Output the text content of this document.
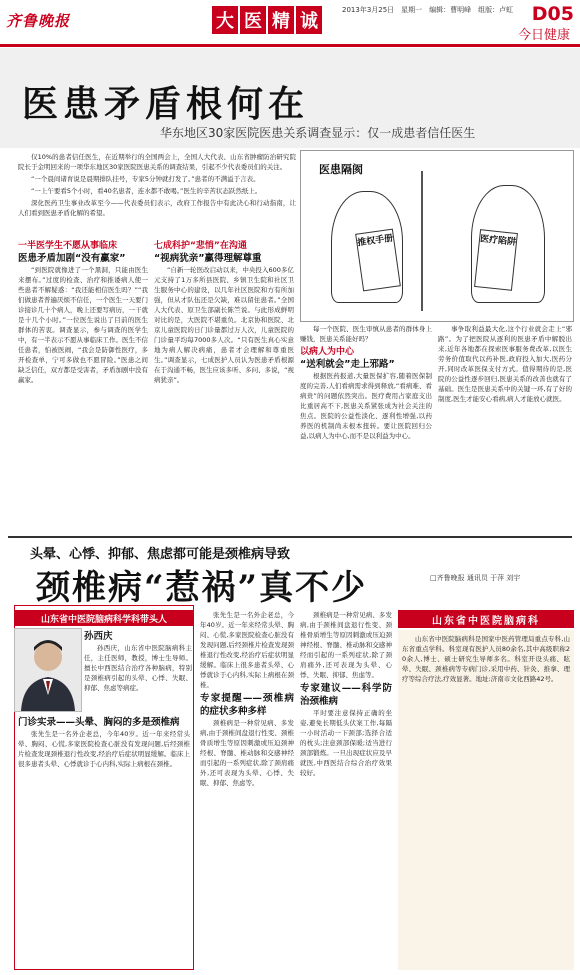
齐鲁晚报	大 医 精 诚
2013年3月25日　星期一　编辑：曹明峰　组版：卢虹 D05
今日健康
医患矛盾根何在
华东地区30家医院医患关系调查显示：仅一成患者信任医生

仅10%的患者信任医生，在近期举行的全国两会上，全国人大代表、山东省肿瘤防治研究院院长于金明回来的一项华东地区30家医院医患关系的调查结果，引起不少代表委员们的关注。

“一个晨间诸育说是晨期排队挂号，专家5分钟就打发了。”患者的不满溢于言表。

“一上午要看5个小时，看40名患者，连水都不敢喝。”医生的辛苦状态跃然纸上。

深化医药卫生事业改革至今——代表委员们表示，改府工作报告中有此决心和行动指南，让人们看到医患矛盾化解的希望。

医患隔阂
推权手册	医疗陷阱
一半医学生不愿从事临床
医患矛盾加剧“没有赢家”

“到医院就像进了一个黑洞，只能由医生来摆布。”过度的检查、治疗和推诿病人使一些患者不解疑惑：“我还能相信医生吗？”“我们做患者普遍厌烦不信任，一个医生一天要门诊接诊几十个病人，晚上还要写病历，一干就是十几个小时。”一位医生说出了目前的医生群体的苦衷。调查显示，参与调查的医学生中，有一半表示不愿从事临床工作。医生不信任患者，怕被医闹，“我会是防御性医疗，多开检查单，宁可多做也不愿冒险。”医患之间缺乏信任，双方都是受害者，矛盾加剧中没有赢家。

七成科护“悲悄”在沟通
“视病犹亲”赢得理解尊重

“自新一轮医改启动以来，中央投入600多亿元支持了1万多所县医院、乡镇卫生院和社区卫生服务中心的建设，以几年社区医院和方有所加强，但从才队伍还是欠缺，难以留住患者。”全国人大代表、原卫生部副长陈竺说。与此形成鲜明对比的是，大医院不堪重负。北京协和医院、北京儿童医院的日门诊量都过万人次，儿童医院的门诊量平均每7000多人次。“只有医生真心实意地为病人解决病痛，患者才会理解和尊重医生。”调查显示，七成医护人员认为医患矛盾根源在于沟通不畅，医生应该多听、多问、多说，“视病犹亲”。

每一个医院、医生审慎从患者的群体身上赚钱，医患关系能好吗？

以病人为中心
“送利就会”走上邪路”

根据医药报道,大量医保扩容,随着医保制度的完善,人们看病需求得到释放,“看病难、看病贵”的问题依然突出。医疗费用占家庭支出比重居高不下,医患关系紧张成为社会关注的焦点。医院的公益性淡化、逐利性增强,以药养医的机制尚未根本扭转。要让医院回归公益,以病人为中心,而不是以利益为中心。

事争取利益最大化,这个行业就会走上“邪路”。为了把医院从逐利的医患矛盾中解脱出来,近年各地都在探索医事服务费改革,以医生劳务价值取代以药补医,政府投入加大,医药分开,同时改革医保支付方式。值得期待的是,医院的公益性逐步回归,医患关系的改善也就有了基础。医生是医患关系中的关键一环,有了好的制度,医生才能安心看病,病人才能放心就医。

头晕、心悸、抑郁、焦虑都可能是颈椎病导致
颈椎病“惹祸”真不少	□齐鲁晚报 通讯员 于萍 刘宇
山东省中医院脑病科学科带头人
孙西庆

孙西庆，山东省中医院脑病科主任，主任医师，教授，博士生导师。擅长中西医结合治疗各种脑病，特别是颈椎病引起的头晕、心悸、失眠、抑郁、焦虑等病症。

门诊实录——头晕、胸闷的多是颈椎病

张先生是一名外企老总，今年40岁。近一年来经常头晕、胸闷、心慌,多家医院检查心脏没有发现问题,后经颈椎片检查发现颈椎退行性改变,经治疗后症状明显缓解。临床上很多患者头晕、心悸就诊于心内科,实际上病根在颈椎。

张先生是一名外企老总，今年40岁。近一年来经常头晕、胸闷、心慌,多家医院检查心脏没有发现问题,后经颈椎片检查发现颈椎退行性改变,经治疗后症状明显缓解。临床上很多患者头晕、心悸就诊于心内科,实际上病根在颈椎。

专家提醒——颈椎病的症状多种多样

颈椎病是一种常见病、多发病,由于颈椎间盘退行性变、颈椎骨质增生等原因刺激或压迫颈神经根、脊髓、椎动脉和交感神经而引起的一系列症状,除了颈肩痛外,还可表现为头晕、心悸、失眠、抑郁、焦虑等。

颈椎病是一种常见病、多发病,由于颈椎间盘退行性变、颈椎骨质增生等原因刺激或压迫颈神经根、脊髓、椎动脉和交感神经而引起的一系列症状,除了颈肩痛外,还可表现为头晕、心悸、失眠、抑郁、焦虑等。

专家建议——科学防治颈椎病

平时要注意保持正确的坐姿,避免长期低头伏案工作,每隔一小时活动一下颈部;选择合适的枕头;注意颈部保暖;适当进行颈部锻炼。一旦出现症状应及早就医,中西医结合综合治疗效果较好。

山东省中医院脑病科

山东省中医院脑病科是国家中医药管理局重点专科,山东省重点学科。科室现有医护人员80余名,其中高级职称20余人,博士、硕士研究生导师多名。科室开设头痛、眩晕、失眠、颈椎病等专病门诊,采用中药、针灸、推拿、理疗等综合疗法,疗效显著。地址:济南市文化西路42号。
